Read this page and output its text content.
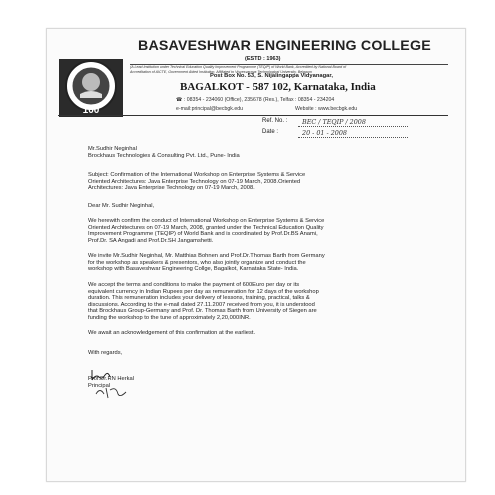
100
BASAVESHWAR ENGINEERING COLLEGE
(ESTD : 1963)
(A Lead Institution under Technical Education Quality Improvement Programme (TEQIP) of World Bank, Accredited by National Board of
Accreditation of AICTE, Government Aided Institution, Affiliated to Visvesvaraya Technological University, Belgaum
Post Box No. 53, S. Nijalingappa Vidyanagar,
BAGALKOT - 587 102, Karnataka, India
☎ : 08354 - 234060 (Office), 235678 (Res.), Telfax : 08354 - 234204
e-mail:principal@becbgk.edu	Website : www.becbgk.edu
Ref. No. : BEC / TEQIP / 2008
Date :	20 - 01 - 2008
Mr.Sudhir Neginhal
Brockhaus Technologies & Consulting Pvt. Ltd., Pune- India
Subject: Confirmation of the International Workshop on Enterprise Systems & Service
Oriented Architectures: Java Enterprise Technology on 07-19 March, 2008.Oriented
Architectures: Java Enterprise Technology on 07-19 March, 2008.
Dear Mr. Sudhir Neginhal,
We herewith confirm the conduct of International Workshop on Enterprise Systems & Service
Oriented Architectures on 07-19 March, 2008, granted under the Technical Education Quality
Improvement Programme (TEQIP) of World Bank and is coordinated by Prof.Dr.BS Anami,
Prof.Dr. SA Angadi and Prof.Dr.SH Jangamshetti.
We invite Mr.Sudhir Neginhal, Mr. Matthias Bohnen and Prof.Dr.Thomas Barth from Germany
for the workshop as speakers & presentors, who also jointly organize and conduct the
workshop with Basaveshwar Engineering Collge, Bagalkot, Karnataka State- India.
We accept the terms and conditions to make the payment of 600Euro per day or its
equivalent currency in Indian Rupees per day as remuneration for 12 days of the workshop
duration. This remuneration includes your delivery of lessons, training, practical, talks &
discussions. According to the e-mail dated 27.11.2007 received from you, it is understood
that Brockhaus Group-Germany and Prof. Dr. Thomas Barth from University of Siegen are
funding the workshop to the tune of approximately 2,20,000INR.
We await an acknowledgement of this confirmation at the earliest.
With regards,
Prof.Dr.RN Herkal
Principal
